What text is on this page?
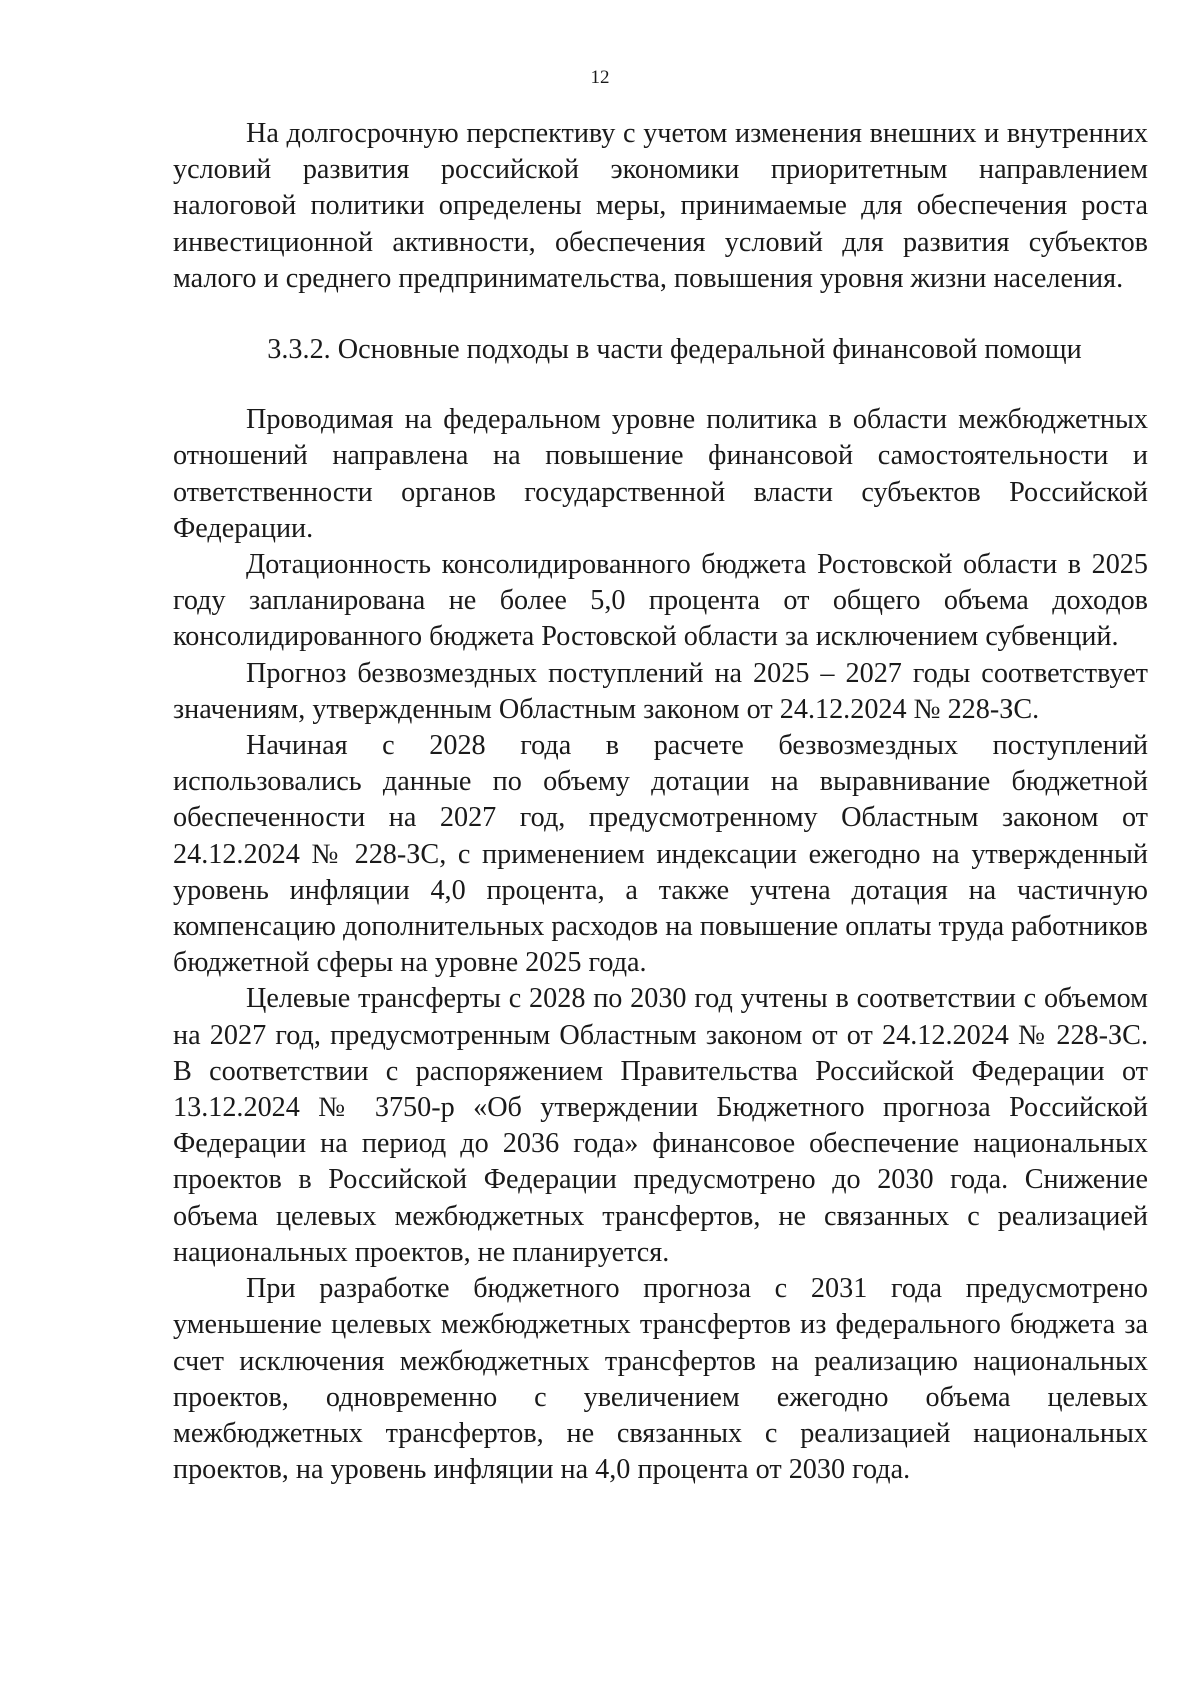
12

На долгосрочную перспективу с учетом изменения внешних и внутренних условий развития российской экономики приоритетным направлением налоговой политики определены меры, принимаемые для обеспечения роста инвестиционной активности, обеспечения условий для развития субъектов малого и среднего предпринимательства, повышения уровня жизни населения.

3.3.2. Основные подходы в части федеральной финансовой помощи

Проводимая на федеральном уровне политика в области межбюджетных отношений направлена на повышение финансовой самостоятельности и ответственности органов государственной власти субъектов Российской Федерации.

Дотационность консолидированного бюджета Ростовской области в 2025 году запланирована не более 5,0 процента от общего объема доходов консолидированного бюджета Ростовской области за исключением субвенций.

Прогноз безвозмездных поступлений на 2025 – 2027 годы соответствует значениям, утвержденным Областным законом от 24.12.2024 № 228-ЗС.

Начиная с 2028 года в расчете безвозмездных поступлений использовались данные по объему дотации на выравнивание бюджетной обеспеченности на 2027 год, предусмотренному Областным законом от 24.12.2024 № 228-ЗС, с применением индексации ежегодно на утвержденный уровень инфляции 4,0 процента, а также учтена дотация на частичную компенсацию дополнительных расходов на повышение оплаты труда работников бюджетной сферы на уровне 2025 года.

Целевые трансферты с 2028 по 2030 год учтены в соответствии с объемом на 2027 год, предусмотренным Областным законом от от 24.12.2024 № 228-ЗС. В соответствии с распоряжением Правительства Российской Федерации от 13.12.2024 № 3750-р «Об утверждении Бюджетного прогноза Российской Федерации на период до 2036 года» финансовое обеспечение национальных проектов в Российской Федерации предусмотрено до 2030 года. Снижение объема целевых межбюджетных трансфертов, не связанных с реализацией национальных проектов, не планируется.

При разработке бюджетного прогноза с 2031 года предусмотрено уменьшение целевых межбюджетных трансфертов из федерального бюджета за счет исключения межбюджетных трансфертов на реализацию национальных проектов, одновременно с увеличением ежегодно объема целевых межбюджетных трансфертов, не связанных с реализацией национальных проектов, на уровень инфляции на 4,0 процента от 2030 года.
